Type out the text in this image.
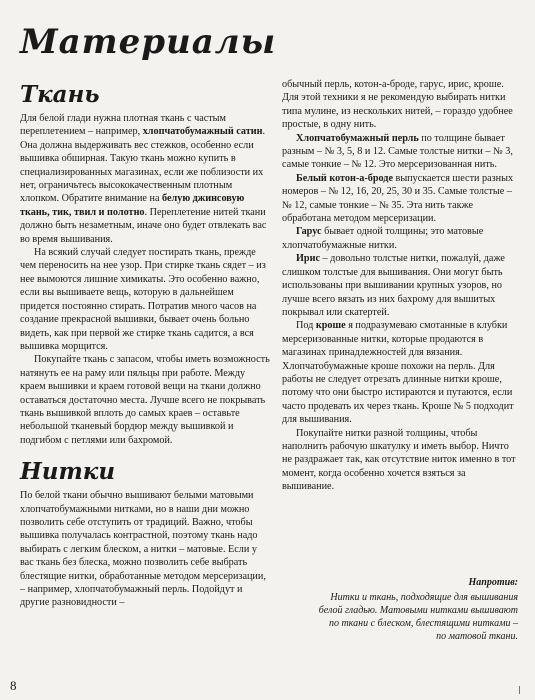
Материалы
Ткань

Для белой глади нужна плотная ткань с частым переплетением – например, хлопчатобумажный сатин. Она должна выдерживать вес стежков, особенно если вышивка обширная. Такую ткань можно купить в специализированных магазинах, если же поблизости их нет, ограничьтесь высококачественным плотным хлопком. Обратите внимание на белую джинсовую ткань, тик, твил и полотно. Переплетение нитей ткани должно быть незаметным, иначе оно будет отвлекать вас во время вышивания.

На всякий случай следует постирать ткань, прежде чем переносить на нее узор. При стирке ткань сядет – из нее вымоются лишние химикаты. Это особенно важно, если вы вышиваете вещь, которую в дальнейшем придется постоянно стирать. Потратив много часов на создание прекрасной вышивки, бывает очень больно видеть, как при первой же стирке ткань садится, а вся вышивка морщится.

Покупайте ткань с запасом, чтобы иметь возможность натянуть ее на раму или пяльцы при работе. Между краем вышивки и краем готовой вещи на ткани должно оставаться достаточно места. Лучше всего не покрывать ткань вышивкой вплоть до самых краев – оставьте небольшой тканевый бордюр между вышивкой и подгибом с петлями или бахромой.

Нитки

По белой ткани обычно вышивают белыми матовыми хлопчатобумажными нитками, но в наши дни можно позволить себе отступить от традиций. Важно, чтобы вышивка получалась контрастной, поэтому ткань надо выбирать с легким блеском, а нитки – матовые. Если у вас ткань без блеска, можно позволить себе выбрать блестящие нитки, обработанные методом мерсеризации, – например, хлопчатобумажный перль. Подойдут и другие разновидности –

обычный перль, котон-а-броде, гарус, ирис, кроше. Для этой техники я не рекомендую выбирать нитки типа мулине, из нескольких нитей, – гораздо удобнее простые, в одну нить.

Хлопчатобумажный перль по толщине бывает разным – № 3, 5, 8 и 12. Самые толстые нитки – № 3, самые тонкие – № 12. Это мерсеризованная нить.

Белый котон-а-броде выпускается шести разных номеров – № 12, 16, 20, 25, 30 и 35. Самые толстые – № 12, самые тонкие – № 35. Эта нить также обработана методом мерсеризации.

Гарус бывает одной толщины; это матовые хлопчатобумажные нитки.

Ирис – довольно толстые нитки, пожалуй, даже слишком толстые для вышивания. Они могут быть использованы при вышивании крупных узоров, но лучше всего вязать из них бахрому для вышитых покрывал или скатертей.

Под кроше я подразумеваю смотанные в клубки мерсеризованные нитки, которые продаются в магазинах принадлежностей для вязания. Хлопчатобумажные кроше похожи на перль. Для работы не следует отрезать длинные нитки кроше, потому что они быстро истираются и путаются, если часто продевать их через ткань. Кроше № 5 подходит для вышивания.

Покупайте нитки разной толщины, чтобы наполнить рабочую шкатулку и иметь выбор. Ничто не раздражает так, как отсутствие ниток именно в тот момент, когда особенно хочется взяться за вышивание.

Напротив:
Нитки и ткань, подходящие для вышивания белой гладью. Матовыми нитками вышивают по ткани с блеском, блестящими нитками – по матовой ткани.
8
